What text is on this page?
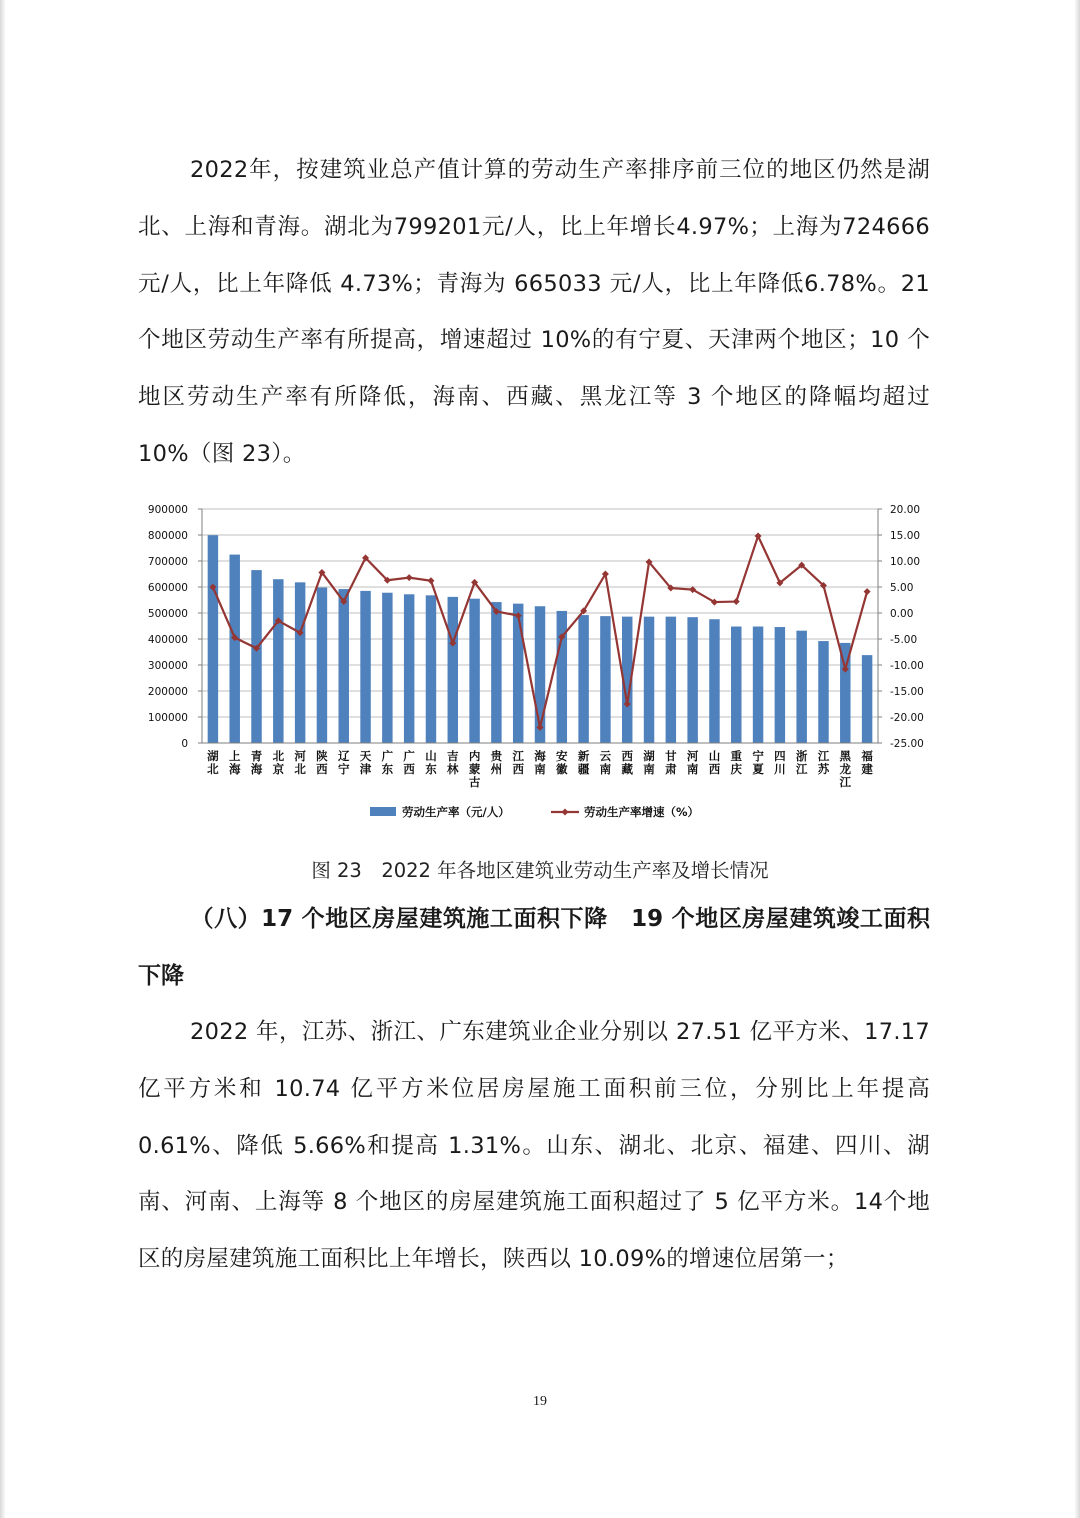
2022年，按建筑业总产值计算的劳动生产率排序前三位的地区仍然是湖北、上海和青海。湖北为799201元/人，比上年增长4.97%；上海为724666 元/人，比上年降低 4.73%；青海为 665033 元/人，比上年降低6.78%。21 个地区劳动生产率有所提高，增速超过 10%的有宁夏、天津两个地区；10 个地区劳动生产率有所降低，海南、西藏、黑龙江等 3 个地区的降幅均超过 10%（图 23）。
0
100000
200000
300000
400000
500000
600000
700000
800000
900000
-25.00
-20.00
-15.00
-10.00
-5.00
0.00
5.00
10.00
15.00
20.00
湖北
上海
青海
北京
河北
陕西
辽宁
天津
广东
广西
山东
吉林
内蒙古
贵州
江西
海南
安徽
新疆
云南
西藏
湖南
甘肃
河南
山西
重庆
宁夏
四川
浙江
江苏
黑龙江
福建
劳动生产率（元/人）	劳动生产率增速（%）
图 23　2022 年各地区建筑业劳动生产率及增长情况
（八）17 个地区房屋建筑施工面积下降　19 个地区房屋建筑竣工面积下降
2022 年，江苏、浙江、广东建筑业企业分别以 27.51 亿平方米、17.17亿平方米和 10.74 亿平方米位居房屋施工面积前三位，分别比上年提高0.61%、降低 5.66%和提高 1.31%。山东、湖北、北京、福建、四川、湖南、河南、上海等 8 个地区的房屋建筑施工面积超过了 5 亿平方米。14个地区的房屋建筑施工面积比上年增长，陕西以 10.09%的增速位居第一；
19
